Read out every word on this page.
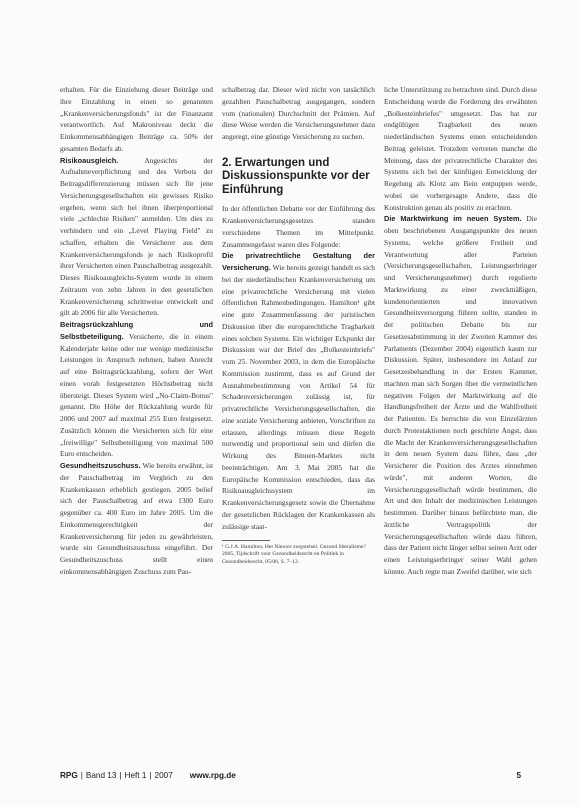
erhalten. Für die Einziehung dieser Beiträge und ihre Einzahlung in einen so genannten „Krankenversicherungsfonds" ist der Finanzamt verantwortlich. Auf Makroniveau deckt die Einkommensabhängigen Beiträge ca. 50% der gesamten Bedarfs ab.

Risikoausgleich.	Angesichts der Aufnahmeverpflichtung und des Verbots der Beitragsdifferenzierung müssen sich für jene Versicherungsgesellschaften ein gewisses Risiko ergeben, wenn sich bei ihnen überproportional viele „schlechte Risiken" anmelden. Um dies zu verhindern und ein „Level Playing Field" zu schaffen, erhalten die Versicherer aus dem Krankenversicherungsfonds je nach Risikoprofil ihrer Versicherten einen Pauschalbetrag ausgezahlt. Dieses Risikoausgleichs-System wurde in einem Zeitraum von zehn Jahren in den gesetzlichen Krankenversicherung schrittweise entwickelt und gilt ab 2006 für alle Versicherten.

Beitragsrückzahlung und Selbstbeteiligung. Versicherte, die in einem Kalenderjahr keine oder nur wenige medizinische Leistungen in Anspruch nehmen, haben Anrecht auf eine Beitragsrückzahlung, sofern der Wert einen vorab festgesetzten Höchstbetrag nicht übersteigt. Dieses System wird „No-Claim-Bonus" genannt. Die Höhe der Rückzahlung wurde für 2006 und 2007 auf maximal 255 Euro festgesetzt. Zusätzlich können die Versicherten sich für eine „freiwillige" Selbstbeteiligung von maximal 500 Euro entscheiden.

Gesundheitszuschuss. Wie bereits erwähnt, ist der Pauschalbetrag im Vergleich zu den Krankenkassen erheblich gestiegen. 2005 belief sich der Pauschalbetrag auf etwa 1300 Euro gegenüber ca. 400 Euro im Jahre 2005. Um die Einkommensgerechtigkeit der Krankenversicherung für jeden zu gewährleisten, wurde ein Gesundheitszuschuss eingeführt. Der Gesundheitszuschuss stellt einen einkommensabhängigen Zuschuss zum Pau-

schalbetrag dar. Dieser wird nicht von tatsächlich gezahlten Pauschalbetrag ausgegangen, sondern vom (nationalen) Durchschnitt der Prämien. Auf diese Weise werden die Versicherungsnehmer dazu angeregt, eine günstige Versicherung zu suchen.

2. Erwartungen und Diskussionspunkte vor der Einführung

In der öffentlichen Debatte vor der Einführung des Krankenversicherungsgesetzes standen verschiedene Themen im Mittelpunkt. Zusammengefasst waren dies Folgende:

Die privatrechtliche Gestaltung der Versicherung. Wie bereits gezeigt handelt es sich bei der niederländischen Krankenversicherung um eine privatrechtliche Versicherung mit vielen öffentlichen Rahmenbedingungen. Hamilton¹ gibt eine gute Zusammenfassung der juristischen Diskussion über die europarechtliche Tragbarkeit eines solchen Systems. Ein wichtiger Eckpunkt der Diskussion war der Brief des „Bolkesteinbriefs" vom 25. November 2003, in dem die Europäische Kommission zustimmt, dass es auf Grund der Ausnahmebestimmung von Artikel 54 für Schadenversicherungen zulässig ist, für privatrechtliche Versicherungsgesellschaften, die eine soziale Versicherung anbieten, Vorschriften zu erlassen, allerdings müssen diese Regeln notwendig und proportional sein und dürfen die Wirkung des Binnen-Marktes nicht beeinträchtigen. Am 3. Mai 2005 hat die Europäische Kommission entschieden, dass das Risikoausgleichssystem im Krankenversicherungsgesetz sowie die Übernahme der gesetzlichen Rücklagen der Krankenkassen als zulässige staat-

¹ G.J.A. Hamilton, Het Nieuwe zorgstelsel. Gezond liberalisme? 2005, Tijdschrift voor Gezondheidsrecht en Politiek in Gezondheidsrecht, 05/06, S. 7–12.

liche Unterstützung zu betrachten sind. Durch diese Entscheidung wurde die Forderung des erwähnten „Bolkesteinbriefes" umgesetzt. Das hat zur endgültigen Tragbarkeit des neuen niederländischen Systems einen entscheidenden Beitrag geleistet. Trotzdem vertreten manche die Meinung, dass der privatrechtliche Charakter des Systems sich bei der künftigen Entwicklung der Regelung als Klotz am Bein entpuppen werde, wobei sie vorhergesagte Andere, dass die Konstruktion genau als positiv zu erachten.

Die Marktwirkung im neuen System. Die oben beschriebenen Ausgangspunkte des neuen Systems, welche größere Freiheit und Verantwortung aller Parteien (Versicherungsgesellschaften, Leistungserbringer und Versicherungsnehmer) durch regulierte Marktwirkung zu einer zweckmäßigen, kundenorientierten und innovativen Gesundheitsversorgung führen sollte, standen in der politischen Debatte bis zur Gesetzesabstimmung in der Zweiten Kammer des Parlaments (Dezember 2004) eigentlich kaum zur Diskussion. Später, insbesondere im Anlauf zur Gesetzesbehandlung in der Ersten Kammer, machten man sich Sorgen über die vermeintlichen negativen Folgen der Marktwirkung auf die Handlungsfreiheit der Ärzte und die Wahlfreiheit der Patienten. Es herrschte die von Einzelärzten durch Protestaktionen noch geschürte Angst, dass die Macht der Krankenversicherungsgesellschaften in dem neuen System dazu führe, dass „der Versicherer die Position des Arztes einnehmen würde", mit anderen Worten, die Versicherungsgesellschaft würde bestimmen, die Art und den Inhalt der medizinischen Leistungen bestimmen. Darüber hinaus befürchtete man, die ärztliche Vertragspolitik der Versicherungsgesellschaften würde dazu führen, dass der Patient nicht länger selbst seinen Arzt oder einen Leistungserbringer seiner Wahl gehen könnte. Auch regte man Zweifel darüber, wie sich

RPG | Band 13 | Heft 1 | 2007 www.rpg.de	5
